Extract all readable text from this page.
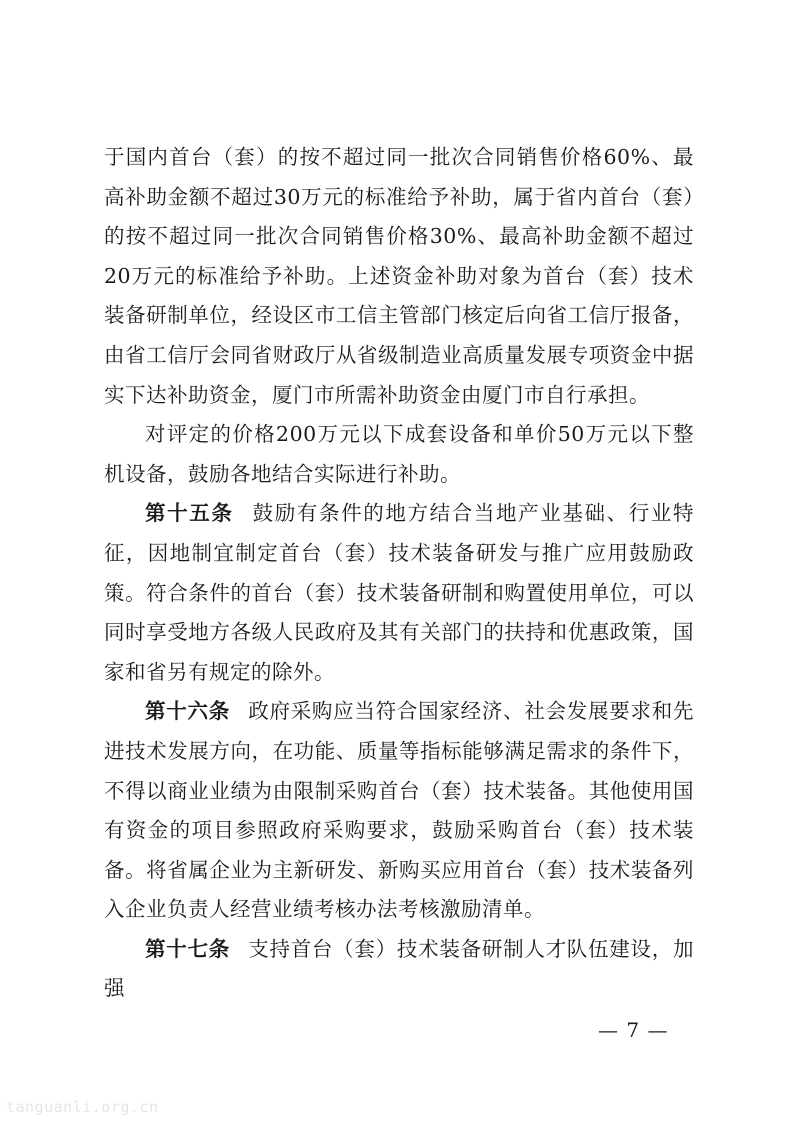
于国内首台（套）的按不超过同一批次合同销售价格60%、最高补助金额不超过30万元的标准给予补助，属于省内首台（套）的按不超过同一批次合同销售价格30%、最高补助金额不超过20万元的标准给予补助。上述资金补助对象为首台（套）技术装备研制单位，经设区市工信主管部门核定后向省工信厅报备，由省工信厅会同省财政厅从省级制造业高质量发展专项资金中据实下达补助资金，厦门市所需补助资金由厦门市自行承担。

对评定的价格200万元以下成套设备和单价50万元以下整机设备，鼓励各地结合实际进行补助。

第十五条 鼓励有条件的地方结合当地产业基础、行业特征，因地制宜制定首台（套）技术装备研发与推广应用鼓励政策。符合条件的首台（套）技术装备研制和购置使用单位，可以同时享受地方各级人民政府及其有关部门的扶持和优惠政策，国家和省另有规定的除外。

第十六条 政府采购应当符合国家经济、社会发展要求和先进技术发展方向，在功能、质量等指标能够满足需求的条件下，不得以商业业绩为由限制采购首台（套）技术装备。其他使用国有资金的项目参照政府采购要求，鼓励采购首台（套）技术装备。将省属企业为主新研发、新购买应用首台（套）技术装备列入企业负责人经营业绩考核办法考核激励清单。

第十七条 支持首台（套）技术装备研制人才队伍建设，加强

— 7 —
tanguanli.org.cn
